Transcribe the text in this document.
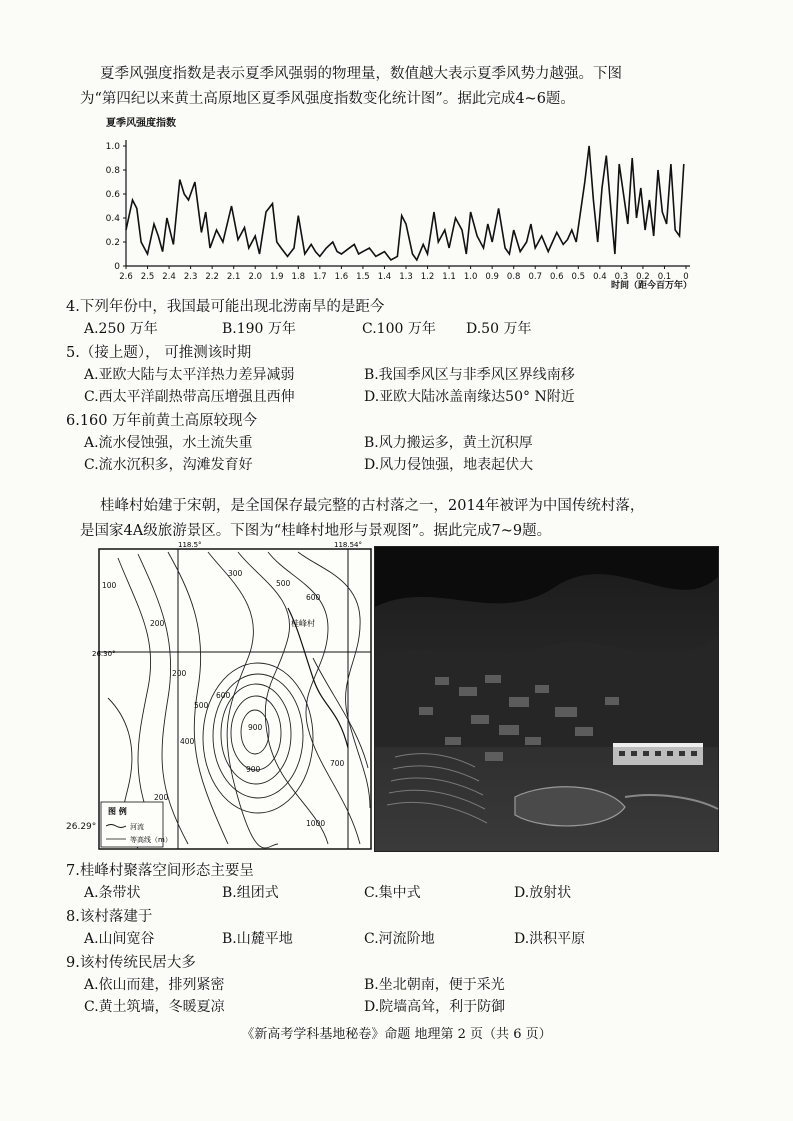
夏季风强度指数是表示夏季风强弱的物理量，数值越大表示夏季风势力越强。下图
为“第四纪以来黄土高原地区夏季风强度指数变化统计图”。据此完成4~6题。
夏季风强度指数
0
0.2
0.4
0.6
0.8
1.0
2.6 2.5 2.4 2.3 2.2 2.1 2.0 1.9 1.8 1.7 1.6 1.5 1.4 1.3 1.2 1.1 1.0 0.9 0.8 0.7 0.6 0.5 0.4 0.3 0.2 0.1 0
时间（距今百万年）
4.下列年份中，我国最可能出现北涝南旱的是距今
A.250 万年	B.190 万年	C.100 万年 D.50 万年
5.（接上题）， 可推测该时期
A.亚欧大陆与太平洋热力差异减弱	B.我国季风区与非季风区界线南移
C.西太平洋副热带高压增强且西伸	D.亚欧大陆冰盖南缘达50° N附近
6.160 万年前黄土高原较现今
A.流水侵蚀强，水土流失重	B.风力搬运多，黄土沉积厚
C.流水沉积多，沟滩发育好	D.风力侵蚀强，地表起伏大
桂峰村始建于宋朝，是全国保存最完整的古村落之一，2014年被评为中国传统村落，
是国家4A级旅游景区。下图为“桂峰村地形与景观图”。据此完成7~9题。
118.5°	118.54°
桂峰村
100
200
300
500
600
200
500
600
900
900
400
700
200
1000
26.30°
图 例
河流
等高线（m）
26.29°
7.桂峰村聚落空间形态主要呈
A.条带状	B.组团式	C.集中式	D.放射状
8.该村落建于
A.山间宽谷	B.山麓平地	C.河流阶地	D.洪积平原
9.该村传统民居大多
A.依山而建，排列紧密	B.坐北朝南，便于采光
C.黄土筑墙，冬暖夏凉	D.院墙高耸，利于防御
《新高考学科基地秘卷》命题 地理第 2 页（共 6 页）
